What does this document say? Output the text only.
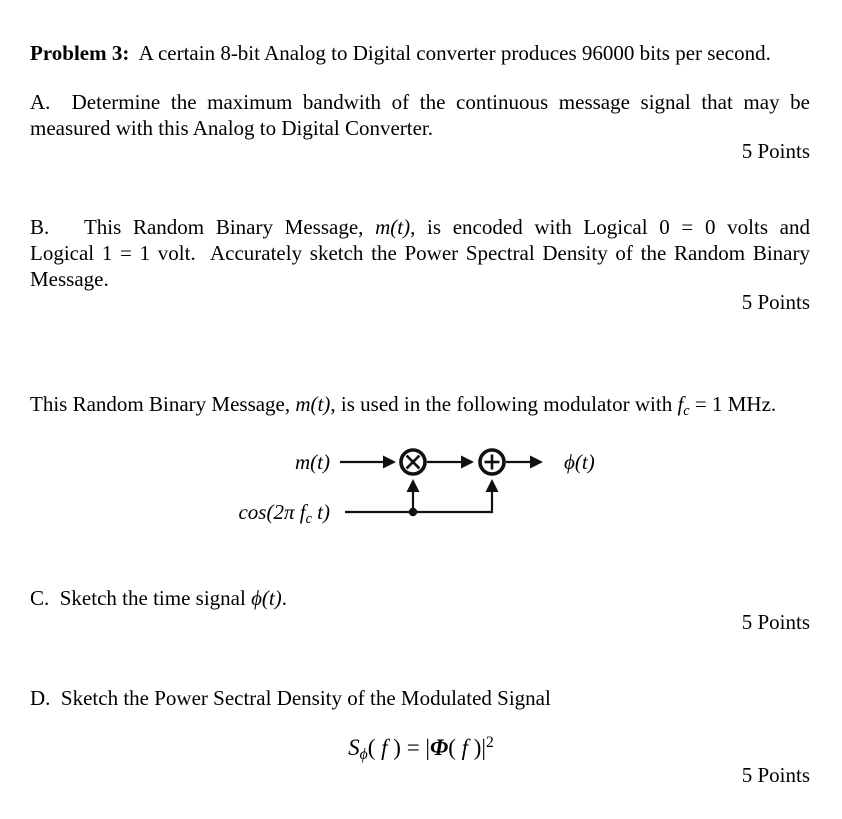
Problem 3:  A certain 8-bit Analog to Digital converter produces 96000 bits per second.
A.  Determine the maximum bandwith of the continuous message signal that may be
measured with this Analog to Digital Converter.
5 Points
B.   This Random Binary Message, m(t), is encoded with Logical 0 = 0 volts and
Logical 1 = 1 volt.  Accurately sketch the Power Spectral Density of the Random Binary
Message.
5 Points
This Random Binary Message, m(t), is used in the following modulator with fc = 1 MHz.
m(t)
cos(2π fc t)
ϕ(t)
C.  Sketch the time signal ϕ(t).
5 Points
D.  Sketch the Power Sectral Density of the Modulated Signal
Sϕ( f ) = |Φ( f )$|^2$
5 Points
